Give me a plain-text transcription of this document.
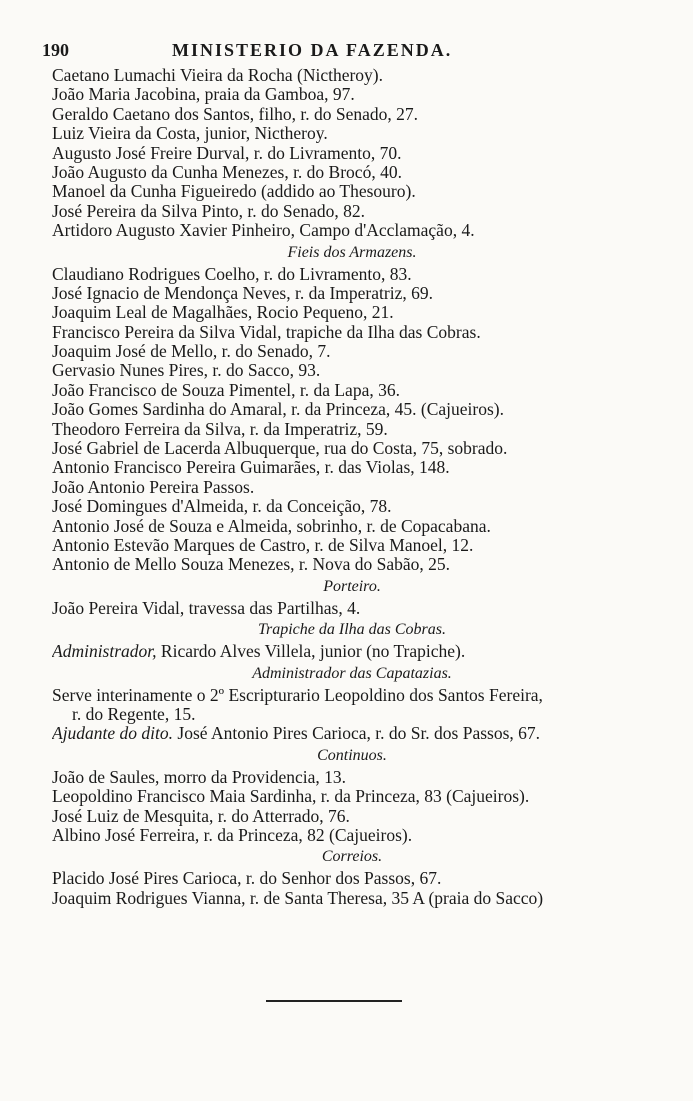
190	MINISTERIO DA FAZENDA.
Caetano Lumachi Vieira da Rocha (Nictheroy).
João Maria Jacobina, praia da Gamboa, 97.
Geraldo Caetano dos Santos, filho, r. do Senado, 27.
Luiz Vieira da Costa, junior, Nictheroy.
Augusto José Freire Durval, r. do Livramento, 70.
João Augusto da Cunha Menezes, r. do Brocó, 40.
Manoel da Cunha Figueiredo (addido ao Thesouro).
José Pereira da Silva Pinto, r. do Senado, 82.
Artidoro Augusto Xavier Pinheiro, Campo d'Acclamação, 4.
Fieis dos Armazens.
Claudiano Rodrigues Coelho, r. do Livramento, 83.
José Ignacio de Mendonça Neves, r. da Imperatriz, 69.
Joaquim Leal de Magalhães, Rocio Pequeno, 21.
Francisco Pereira da Silva Vidal, trapiche da Ilha das Cobras.
Joaquim José de Mello, r. do Senado, 7.
Gervasio Nunes Pires, r. do Sacco, 93.
João Francisco de Souza Pimentel, r. da Lapa, 36.
João Gomes Sardinha do Amaral, r. da Princeza, 45. (Cajueiros).
Theodoro Ferreira da Silva, r. da Imperatriz, 59.
José Gabriel de Lacerda Albuquerque, rua do Costa, 75, sobrado.
Antonio Francisco Pereira Guimarães, r. das Violas, 148.
João Antonio Pereira Passos.
José Domingues d'Almeida, r. da Conceição, 78.
Antonio José de Souza e Almeida, sobrinho, r. de Copacabana.
Antonio Estevão Marques de Castro, r. de Silva Manoel, 12.
Antonio de Mello Souza Menezes, r. Nova do Sabão, 25.
Porteiro.
João Pereira Vidal, travessa das Partilhas, 4.
Trapiche da Ilha das Cobras.
Administrador, Ricardo Alves Villela, junior (no Trapiche).
Administrador das Capatazias.
Serve interinamente o 2º Escripturario Leopoldino dos Santos Fereira,
r. do Regente, 15.
Ajudante do dito. José Antonio Pires Carioca, r. do Sr. dos Passos, 67.
Continuos.
João de Saules, morro da Providencia, 13.
Leopoldino Francisco Maia Sardinha, r. da Princeza, 83 (Cajueiros).
José Luiz de Mesquita, r. do Atterrado, 76.
Albino José Ferreira, r. da Princeza, 82 (Cajueiros).
Correios.
Placido José Pires Carioca, r. do Senhor dos Passos, 67.
Joaquim Rodrigues Vianna, r. de Santa Theresa, 35 A (praia do Sacco)
